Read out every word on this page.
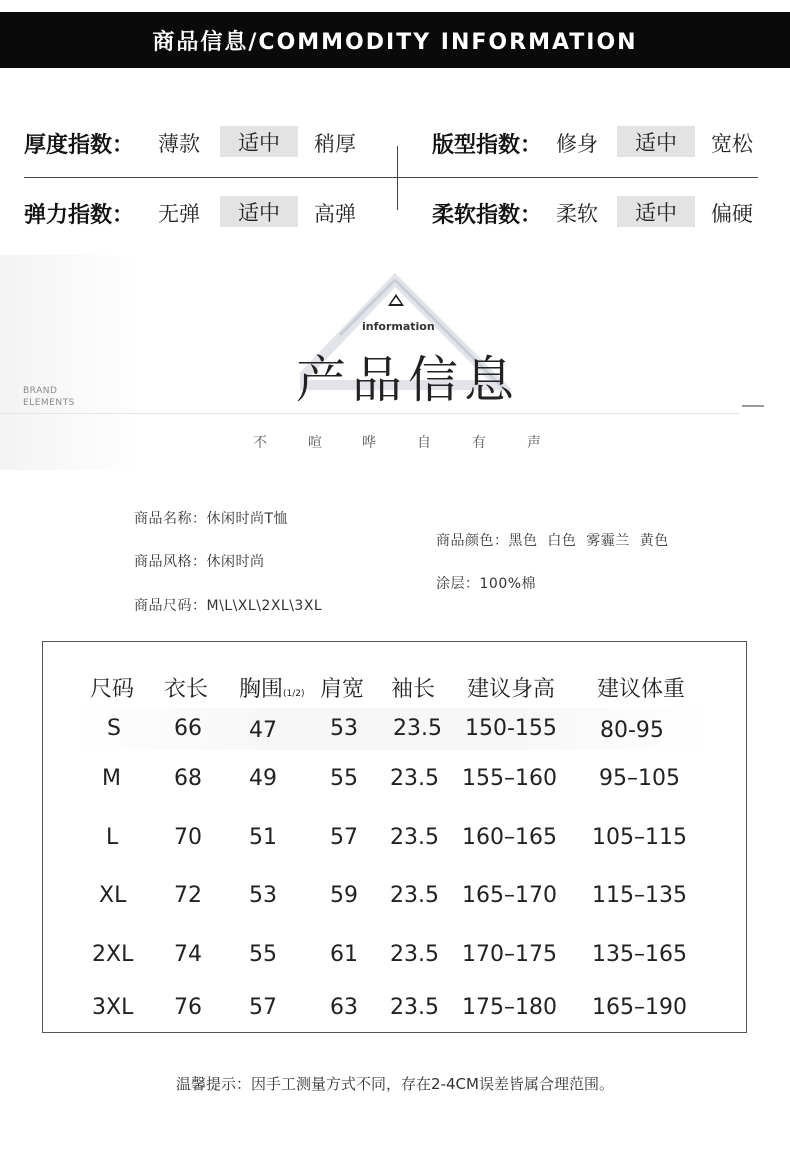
商品信息/COMMODITY INFORMATION
厚度指数： 薄款	适中	稍厚	版型指数： 修身	适中	宽松
弹力指数： 无弹	适中	高弹	柔软指数： 柔软	适中	偏硬
information
产品信息
BRAND
ELEMENTS
不	喧	哗	自	有	声
商品名称：休闲时尚T恤
商品风格：休闲时尚
商品尺码：M\L\XL\2XL\3XL
商品颜色：黑色  白色  雾霾兰  黄色
涂层：100%棉
尺码 衣长 胸围(1/2) 肩宽 袖长 建议身高 建议体重
S 66 47 53 23.5 150-155 80-95
M 68 49 55 23.5 155–160 95–105
L	70 51 57 23.5 160–165 105–115
XL 72 53 59 23.5 165–170 115–135
2XL 74 55 61 23.5 170–175 135–165
3XL 76 57 63 23.5 175–180 165–190
温馨提示：因手工测量方式不同，存在2-4CM误差皆属合理范围。
